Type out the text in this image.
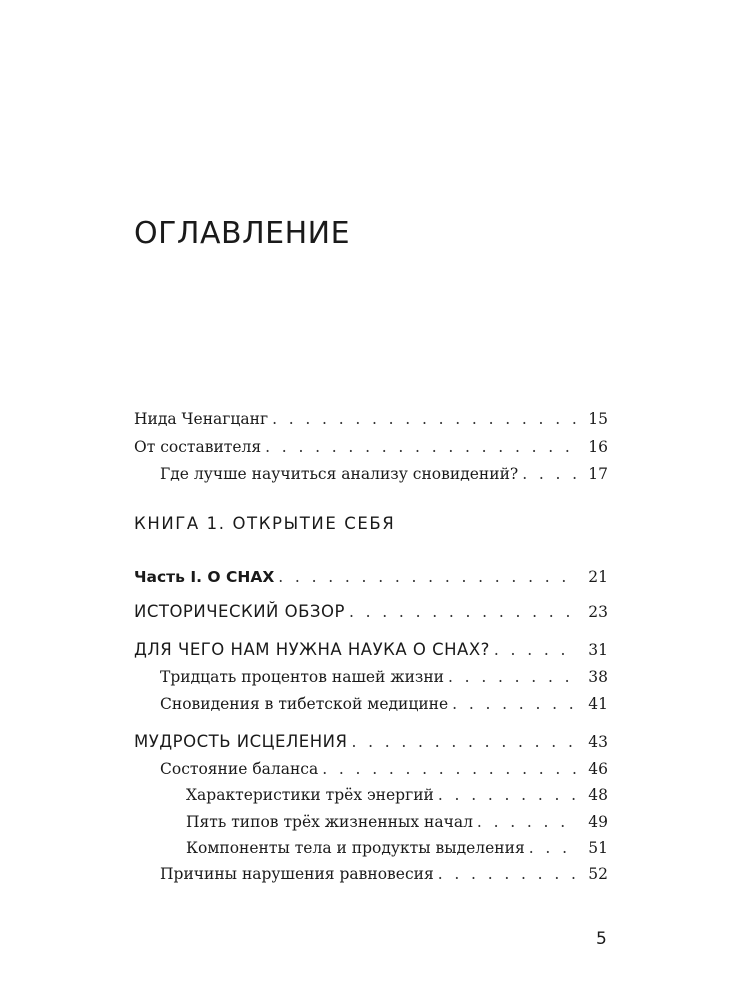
ОГЛАВЛЕНИЕ
Нида Ченагцанг . . .	15
От составителя . . .	16
Где лучше научиться анализу сновидений? . . .	17
КНИГА 1. ОТКРЫТИЕ СЕБЯ
Часть I. О СНАХ . . .	21
ИСТОРИЧЕСКИЙ ОБЗОР . . .	23
ДЛЯ ЧЕГО НАМ НУЖНА НАУКА О СНАХ? . . .	31
Тридцать процентов нашей жизни . . .	38
Сновидения в тибетской медицине . . .	41
МУДРОСТЬ ИСЦЕЛЕНИЯ . . .	43
Состояние баланса . . .	46
Характеристики трёх энергий . . .	48
Пять типов трёх жизненных начал . . .	49
Компоненты тела и продукты выделения . . .	51
Причины нарушения равновесия . . .	52
5
